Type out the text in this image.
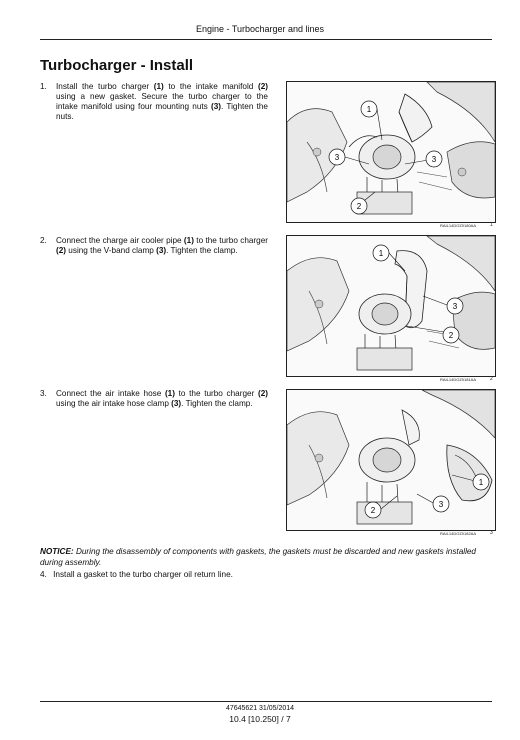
Engine - Turbocharger and lines
Turbocharger - Install
1. Install the turbo charger (1) to the intake manifold (2) using a new gasket. Secure the turbo charger to the intake manifold using four mounting nuts (3). Tighten the nuts.
1
3	3
2
RAIL14DOZ0180AA	1
2. Connect the charge air cooler pipe (1) to the turbo charger (2) using the V-band clamp (3). Tighten the clamp.	1
3
2
RAIL14DOZ0181AA	2
3. Connect the air intake hose (1) to the turbo charger (2) using the air intake hose clamp (3). Tighten the clamp.
1
2
3
RAIL14DOZ0182AA	3
NOTICE: During the disassembly of components with gaskets, the gaskets must be discarded and new gaskets installed during assembly.
4. Install a gasket to the turbo charger oil return line.
47645621 31/05/2014
10.4 [10.250] / 7
